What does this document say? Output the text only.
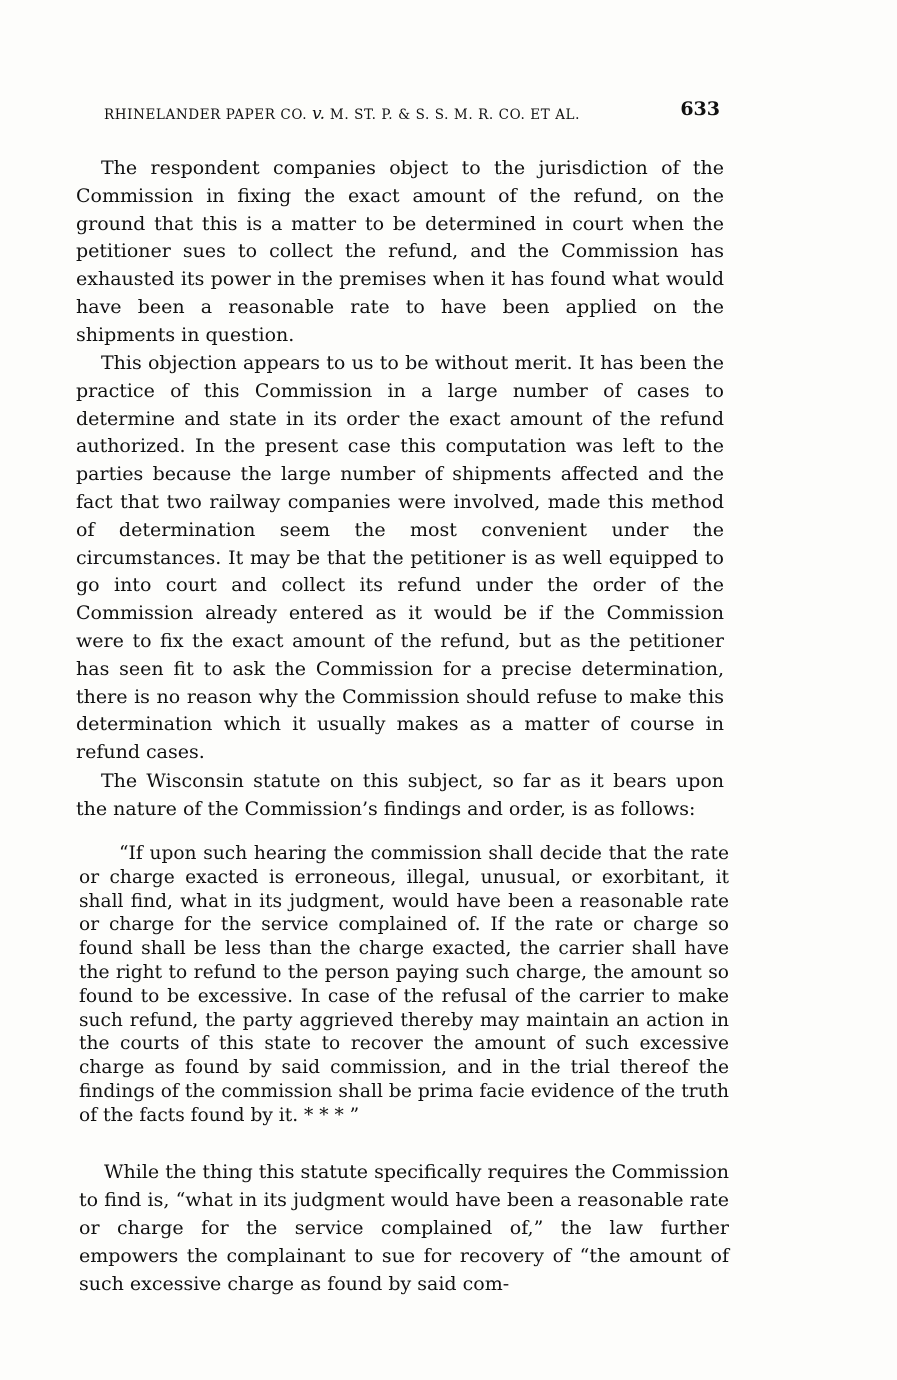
RHINELANDER PAPER CO. v. M. ST. P. & S. S. M. R. CO. ET AL.	633

The respondent companies object to the jurisdiction of the Commission in fixing the exact amount of the refund, on the ground that this is a matter to be determined in court when the petitioner sues to collect the refund, and the Commission has exhausted its power in the premises when it has found what would have been a reasonable rate to have been applied on the shipments in question.

This objection appears to us to be without merit. It has been the practice of this Commission in a large number of cases to determine and state in its order the exact amount of the refund authorized. In the present case this computation was left to the parties because the large number of shipments affected and the fact that two railway companies were involved, made this method of determination seem the most convenient under the circumstances. It may be that the petitioner is as well equipped to go into court and collect its refund under the order of the Commission already entered as it would be if the Commission were to fix the exact amount of the refund, but as the petitioner has seen fit to ask the Commission for a precise determination, there is no reason why the Commission should refuse to make this determination which it usually makes as a matter of course in refund cases.

The Wisconsin statute on this subject, so far as it bears upon the nature of the Commission’s findings and order, is as follows:

“If upon such hearing the commission shall decide that the rate or charge exacted is erroneous, illegal, unusual, or exorbitant, it shall find, what in its judgment, would have been a reasonable rate or charge for the service complained of. If the rate or charge so found shall be less than the charge exacted, the carrier shall have the right to refund to the person paying such charge, the amount so found to be excessive. In case of the refusal of the carrier to make such refund, the party aggrieved thereby may maintain an action in the courts of this state to recover the amount of such excessive charge as found by said commission, and in the trial thereof the findings of the commission shall be prima facie evidence of the truth of the facts found by it. * * * ”

While the thing this statute specifically requires the Commission to find is, “what in its judgment would have been a reasonable rate or charge for the service complained of,” the law further empowers the complainant to sue for recovery of “the amount of such excessive charge as found by said com-
